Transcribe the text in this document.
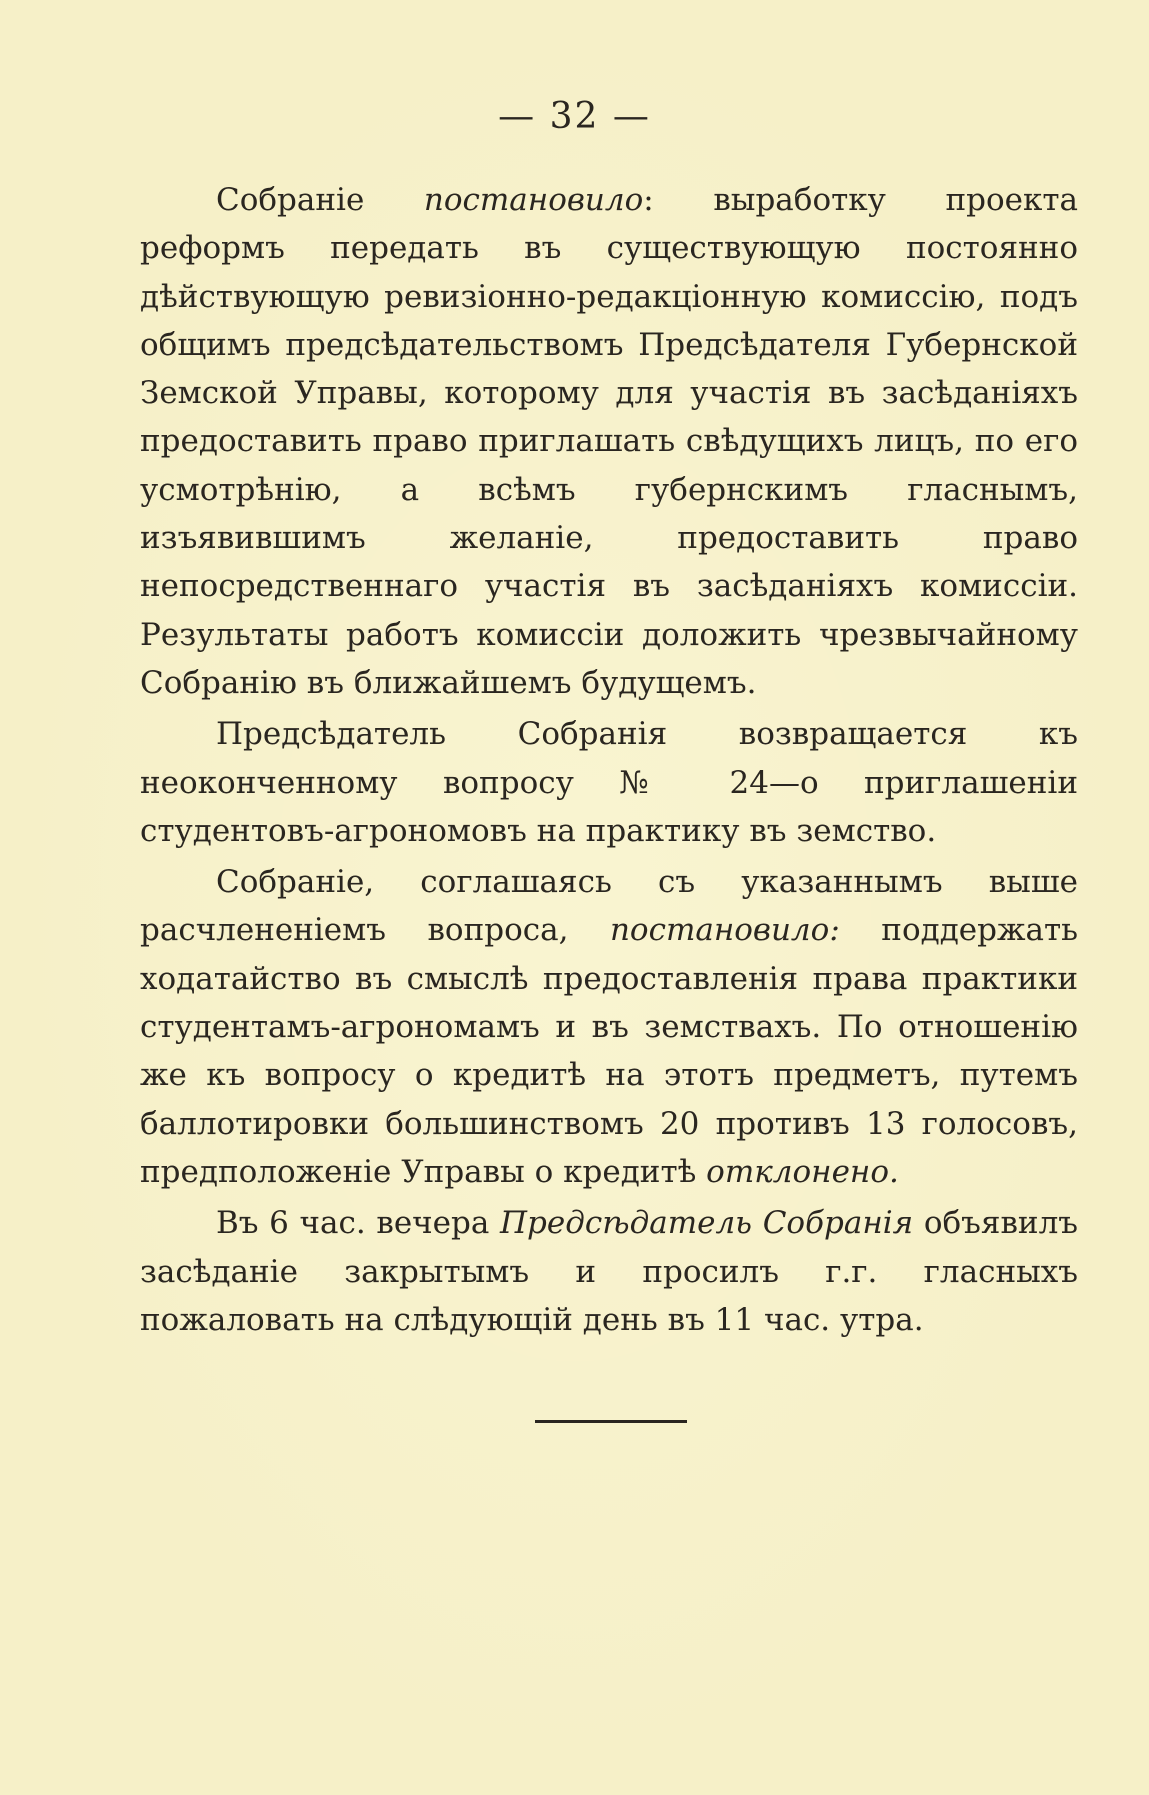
— 32 —

Собраніе постановило: выработку проекта реформъ передать въ существующую постоянно дѣйствующую ревизіонно-редакціонную комиссію, подъ общимъ предсѣдательствомъ Предсѣдателя Губернской Земской Управы, которому для участія въ засѣданіяхъ предоставить право приглашать свѣдущихъ лицъ, по его усмотрѣнію, а всѣмъ губернскимъ гласнымъ, изъявившимъ желаніе, предоставить право непосредственнаго участія въ засѣданіяхъ комиссіи. Результаты работъ комиссіи доложить чрезвычайному Собранію въ ближайшемъ будущемъ.

Предсѣдатель Собранія возвращается къ неоконченному вопросу № 24—о приглашеніи студентовъ-агрономовъ на практику въ земство.

Собраніе, соглашаясь съ указаннымъ выше расчлененіемъ вопроса, постановило: поддержать ходатайство въ смыслѣ предоставленія права практики студентамъ-агрономамъ и въ земствахъ. По отношенію же къ вопросу о кредитѣ на этотъ предметъ, путемъ баллотировки большинствомъ 20 противъ 13 голосовъ, предположеніе Управы о кредитѣ отклонено.

Въ 6 час. вечера Предсѣдатель Собранія объявилъ засѣданіе закрытымъ и просилъ г.г. гласныхъ пожаловать на слѣдующій день въ 11 час. утра.
